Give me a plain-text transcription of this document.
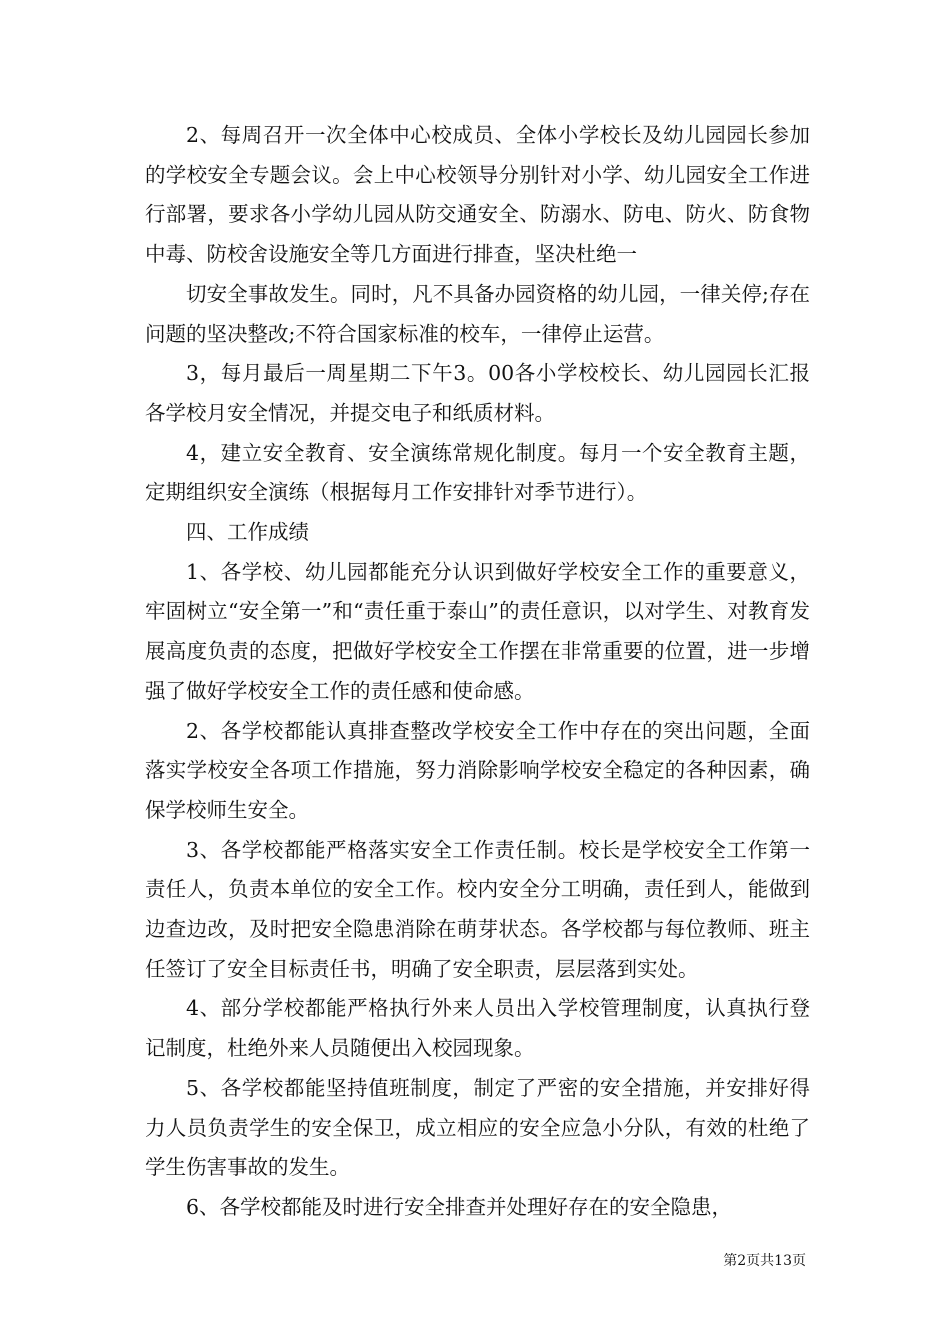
2、每周召开一次全体中心校成员、全体小学校长及幼儿园园长参加的学校安全专题会议。会上中心校领导分别针对小学、幼儿园安全工作进行部署，要求各小学幼儿园从防交通安全、防溺水、防电、防火、防食物中毒、防校舍设施安全等几方面进行排查，坚决杜绝一

切安全事故发生。同时，凡不具备办园资格的幼儿园，一律关停;存在问题的坚决整改;不符合国家标准的校车，一律停止运营。

3，每月最后一周星期二下午3。00各小学校校长、幼儿园园长汇报各学校月安全情况，并提交电子和纸质材料。

4，建立安全教育、安全演练常规化制度。每月一个安全教育主题，定期组织安全演练（根据每月工作安排针对季节进行）。

四、工作成绩

1、各学校、幼儿园都能充分认识到做好学校安全工作的重要意义，牢固树立“安全第一”和“责任重于泰山”的责任意识，以对学生、对教育发展高度负责的态度，把做好学校安全工作摆在非常重要的位置，进一步增强了做好学校安全工作的责任感和使命感。

2、各学校都能认真排查整改学校安全工作中存在的突出问题，全面落实学校安全各项工作措施，努力消除影响学校安全稳定的各种因素，确保学校师生安全。

3、各学校都能严格落实安全工作责任制。校长是学校安全工作第一责任人，负责本单位的安全工作。校内安全分工明确，责任到人，能做到边查边改，及时把安全隐患消除在萌芽状态。各学校都与每位教师、班主任签订了安全目标责任书，明确了安全职责，层层落到实处。

4、部分学校都能严格执行外来人员出入学校管理制度，认真执行登记制度，杜绝外来人员随便出入校园现象。

5、各学校都能坚持值班制度，制定了严密的安全措施，并安排好得力人员负责学生的安全保卫，成立相应的安全应急小分队，有效的杜绝了学生伤害事故的发生。

6、各学校都能及时进行安全排查并处理好存在的安全隐患，

第2页共13页
